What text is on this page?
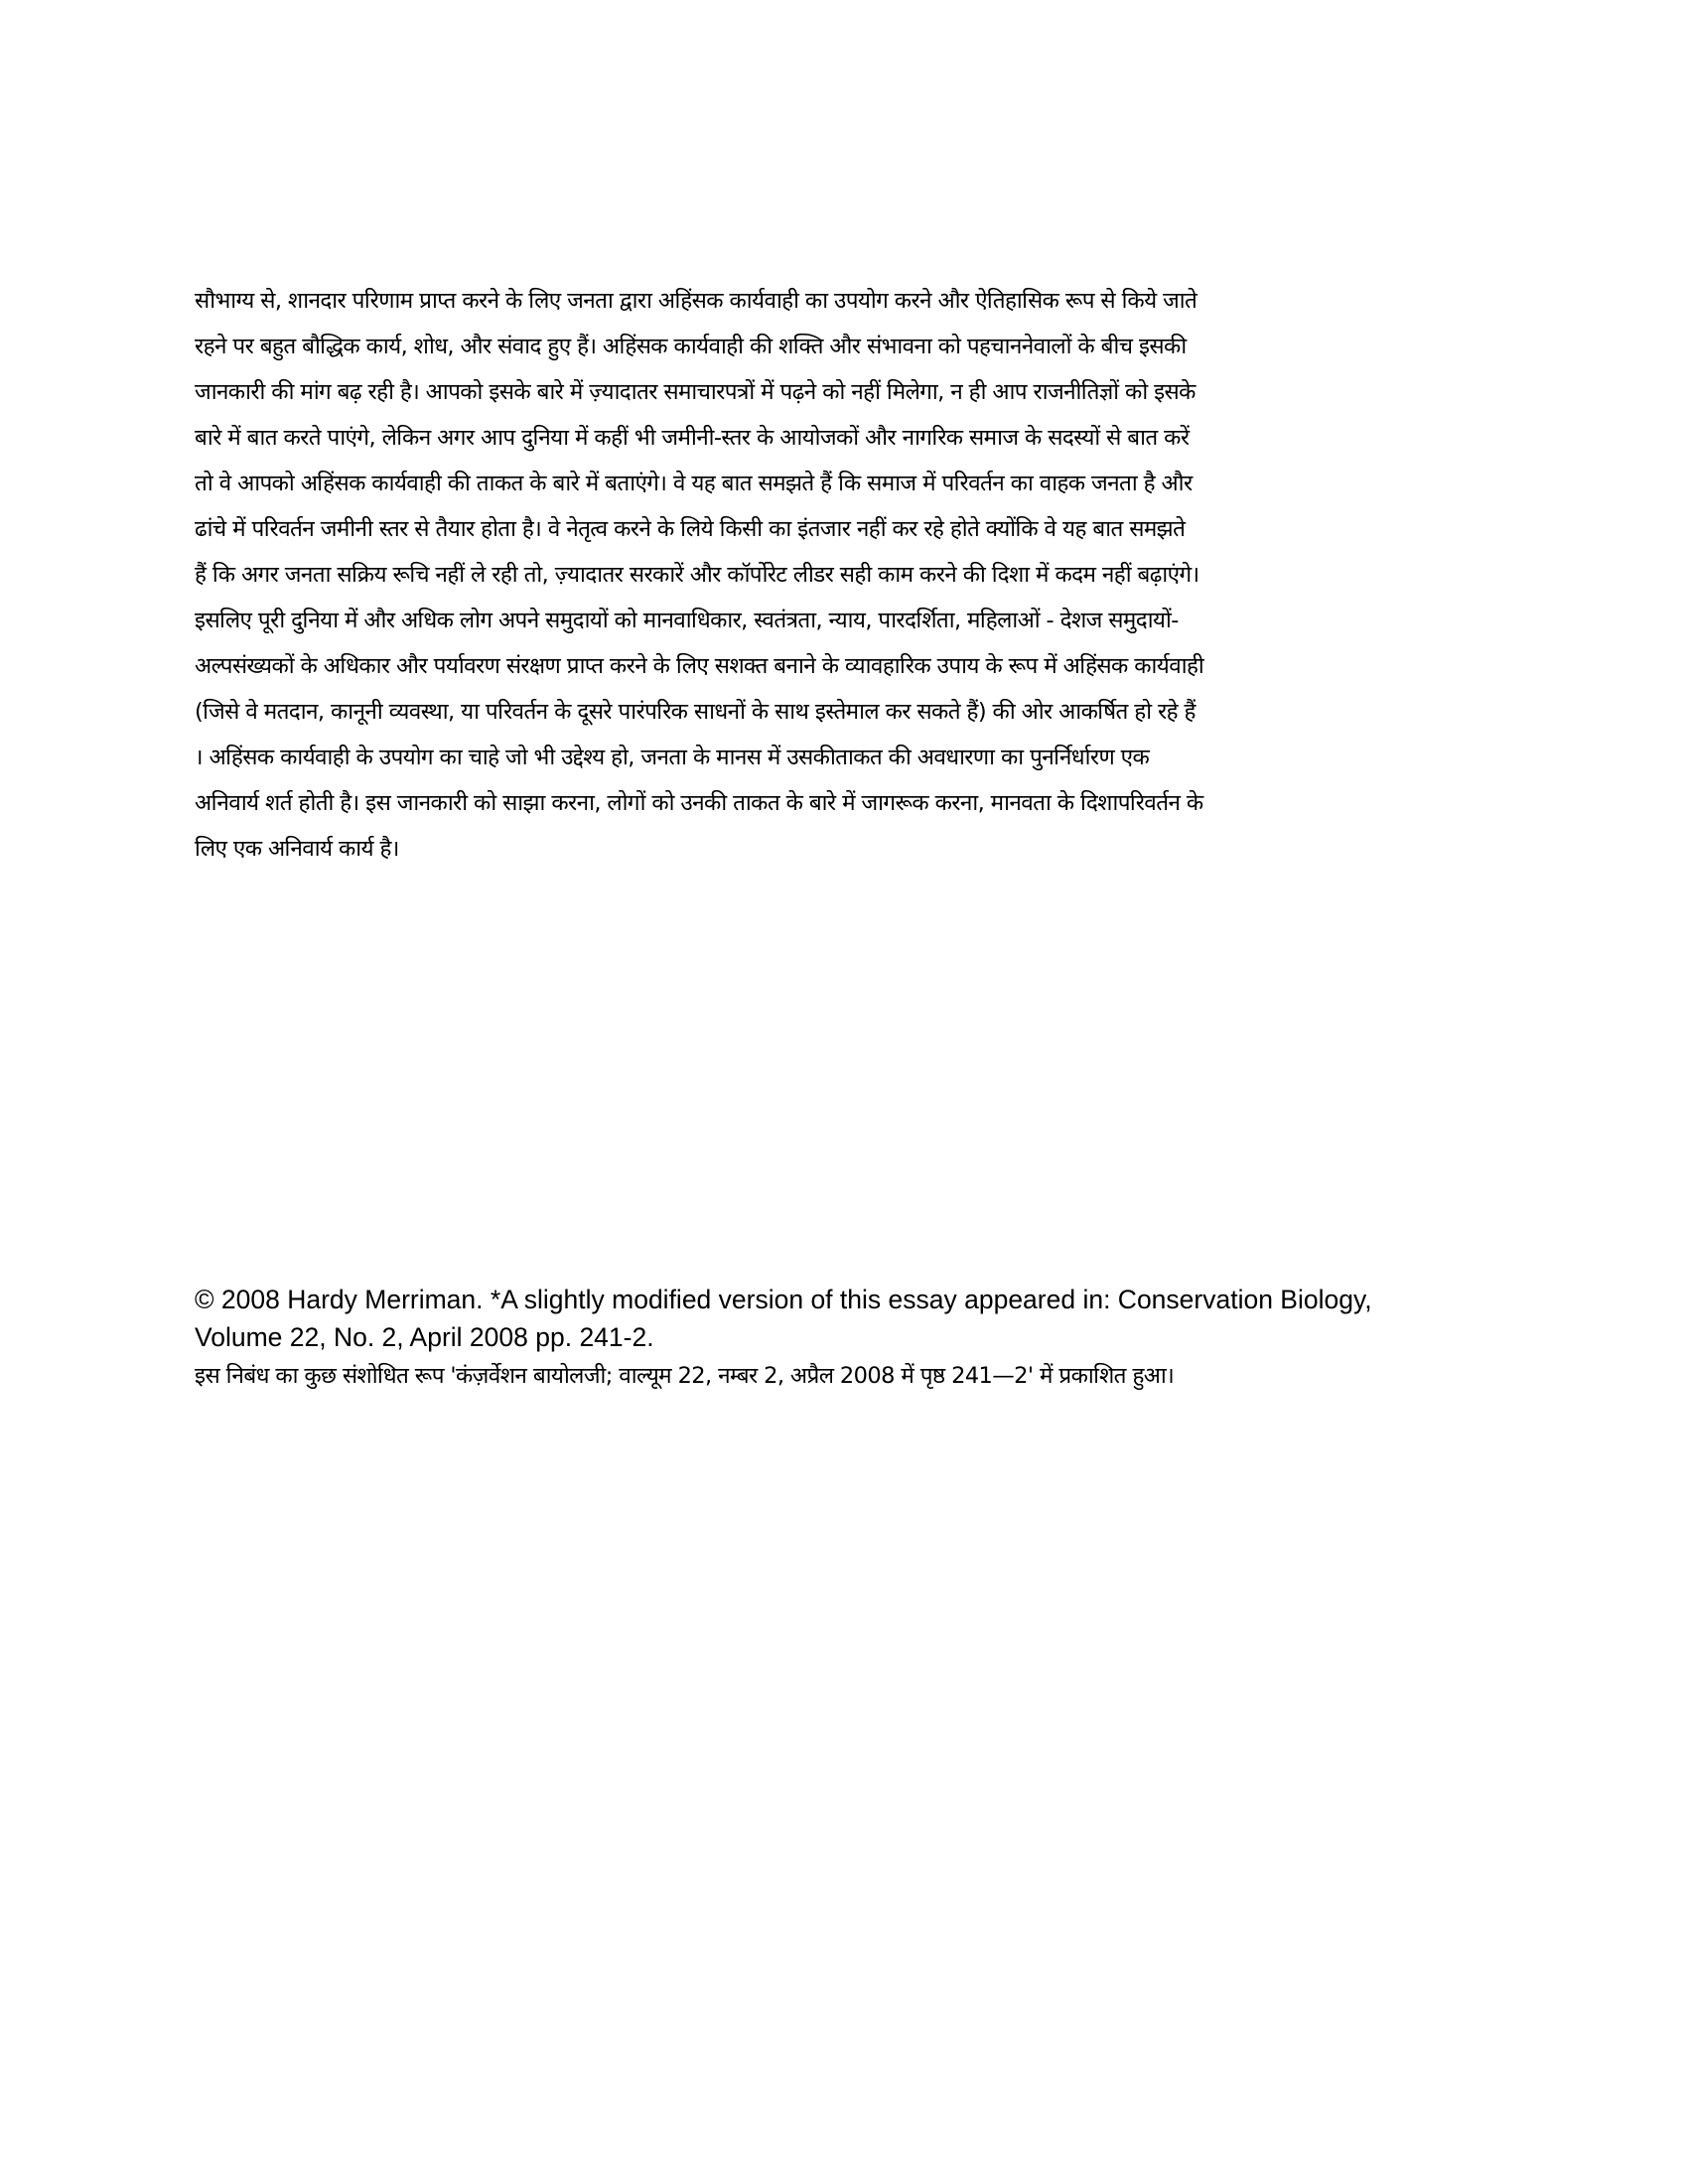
सौभाग्य से, शानदार परिणाम प्राप्त करने के लिए जनता द्वारा अहिंसक कार्यवाही का उपयोग करने और ऐतिहासिक रूप से किये जाते
रहने पर बहुत बौद्धिक कार्य, शोध, और संवाद हुए हैं। अहिंसक कार्यवाही की शक्ति और संभावना को पहचाननेवालों के बीच इसकी
जानकारी की मांग बढ़ रही है। आपको इसके बारे में ज़्यादातर समाचारपत्रों में पढ़ने को नहीं मिलेगा, न ही आप राजनीतिज्ञों को इसके
बारे में बात करते पाएंगे, लेकिन अगर आप दुनिया में कहीं भी जमीनी-स्तर के आयोजकों और नागरिक समाज के सदस्यों से बात करें
तो वे आपको अहिंसक कार्यवाही की ताकत के बारे में बताएंगे। वे यह बात समझते हैं कि समाज में परिवर्तन का वाहक जनता है और
ढांचे में परिवर्तन जमीनी स्तर से तैयार होता है। वे नेतृत्व करने के लिये किसी का इंतजार नहीं कर रहे होते क्योंकि वे यह बात समझते
हैं कि अगर जनता सक्रिय रूचि नहीं ले रही तो, ज़्यादातर सरकारें और कॉर्पोरेट लीडर सही काम करने की दिशा में कदम नहीं बढ़ाएंगे।
इसलिए पूरी दुनिया में और अधिक लोग अपने समुदायों को मानवाधिकार, स्वतंत्रता, न्याय, पारदर्शिता, महिलाओं - देशज समुदायों-
अल्पसंख्यकों के अधिकार और पर्यावरण संरक्षण प्राप्त करने के लिए सशक्त बनाने के व्यावहारिक उपाय के रूप में अहिंसक कार्यवाही
(जिसे वे मतदान, कानूनी व्यवस्था, या परिवर्तन के दूसरे पारंपरिक साधनों के साथ इस्तेमाल कर सकते हैं) की ओर आकर्षित हो रहे हैं
। अहिंसक कार्यवाही के उपयोग का चाहे जो भी उद्देश्य हो, जनता के मानस में उसकीताकत की अवधारणा का पुनर्निर्धारण एक
अनिवार्य शर्त होती है। इस जानकारी को साझा करना, लोगों को उनकी ताकत के बारे में जागरूक करना, मानवता के दिशापरिवर्तन के
लिए एक अनिवार्य कार्य है।
© 2008 Hardy Merriman. *A slightly modified version of this essay appeared in: Conservation Biology,
Volume 22, No. 2, April 2008 pp. 241-2.
इस निबंध का कुछ संशोधित रूप 'कंज़र्वेशन बायोलजी; वाल्यूम 22, नम्बर 2, अप्रैल 2008 में पृष्ठ 241—2' में प्रकाशित हुआ।
